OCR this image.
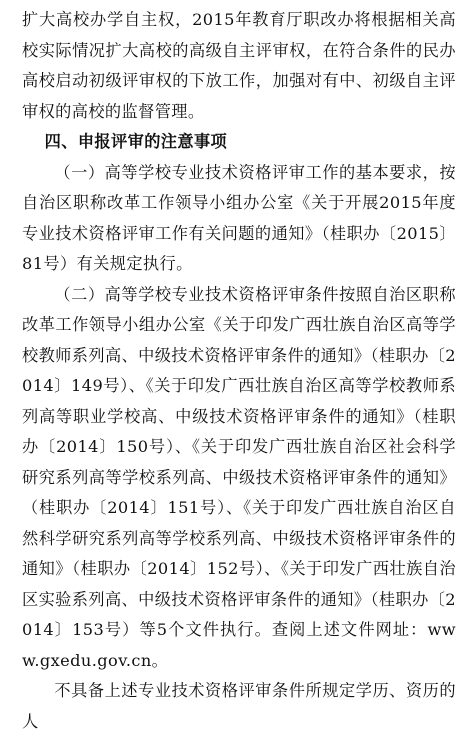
扩大高校办学自主权，2015年教育厅职改办将根据相关高校实际情况扩大高校的高级自主评审权，在符合条件的民办高校启动初级评审权的下放工作，加强对有中、初级自主评审权的高校的监督管理。

四、申报评审的注意事项

（一）高等学校专业技术资格评审工作的基本要求，按自治区职称改革工作领导小组办公室《关于开展2015年度专业技术资格评审工作有关问题的通知》（桂职办〔2015〕81号）有关规定执行。

（二）高等学校专业技术资格评审条件按照自治区职称改革工作领导小组办公室《关于印发广西壮族自治区高等学校教师系列高、中级技术资格评审条件的通知》（桂职办〔2014〕149号）、《关于印发广西壮族自治区高等学校教师系列高等职业学校高、中级技术资格评审条件的通知》（桂职办〔2014〕150号）、《关于印发广西壮族自治区社会科学研究系列高等学校系列高、中级技术资格评审条件的通知》（桂职办〔2014〕151号）、《关于印发广西壮族自治区自然科学研究系列高等学校系列高、中级技术资格评审条件的通知》（桂职办〔2014〕152号）、《关于印发广西壮族自治区实验系列高、中级技术资格评审条件的通知》（桂职办〔2014〕153号）等5个文件执行。查阅上述文件网址：www.gxedu.gov.cn。

不具备上述专业技术资格评审条件所规定学历、资历的人
